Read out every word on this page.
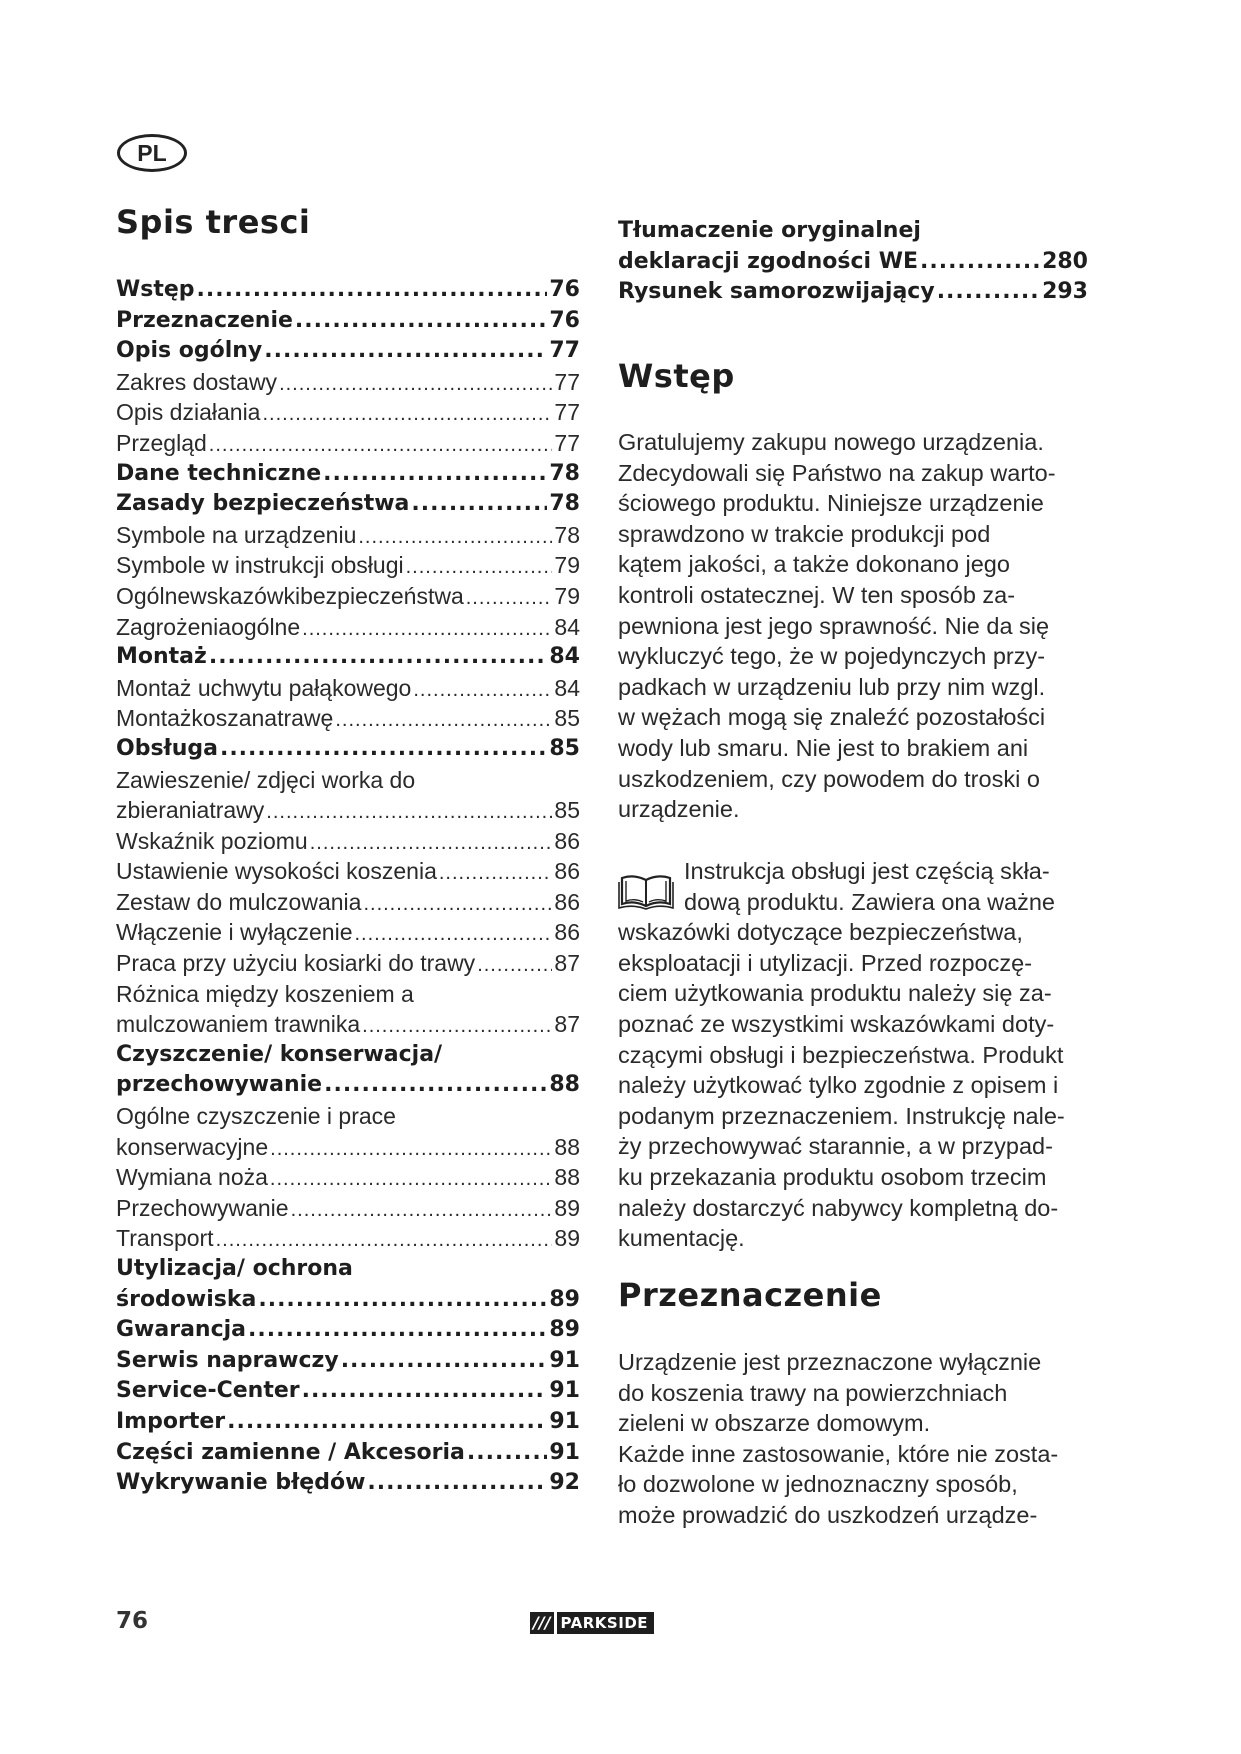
PL
Spis tresci
Wstęp .....	76
Przeznaczenie .....	76
Opis ogólny .....	77
Zakres dostawy .....	77
Opis działania .....	77
Przegląd .....	77
Dane techniczne .....	78
Zasady bezpieczeństwa .....	78
Symbole na urządzeniu .....	78
Symbole w instrukcji obsługi .....	79
Ogólnewskazówkibezpieczeństwa .....	79
Zagrożeniaogólne .....	84
Montaż .....	84
Montaż uchwytu pałąkowego .....	84
Montażkoszanatrawę .....	85
Obsługa .....	85
Zawieszenie/ zdjęci worka do
zbieraniatrawy .....	85
Wskaźnik poziomu .....	86
Ustawienie wysokości koszenia .....	86
Zestaw do mulczowania .....	86
Włączenie i wyłączenie .....	86
Praca przy użyciu kosiarki do trawy .....	87
Różnica między koszeniem a
mulczowaniem trawnika .....	87
Czyszczenie/ konserwacja/
przechowywanie .....	88
Ogólne czyszczenie i prace
konserwacyjne .....	88
Wymiana noża .....	88
Przechowywanie .....	89
Transport .....	89
Utylizacja/ ochrona
środowiska .....	89
Gwarancja .....	89
Serwis naprawczy .....	91
Service-Center .....	91
Importer .....	91
Części zamienne / Akcesoria .....	91
Wykrywanie błędów .....	92
Tłumaczenie oryginalnej
deklaracji zgodności WE .....	280
Rysunek samorozwijający .....	293
Wstęp
Gratulujemy zakupu nowego urządzenia.
Zdecydowali się Państwo na zakup warto-
ściowego produktu. Niniejsze urządzenie
sprawdzono w trakcie produkcji pod
kątem jakości, a także dokonano jego
kontroli ostatecznej. W ten sposób za-
pewniona jest jego sprawność. Nie da się
wykluczyć tego, że w pojedynczych przy-
padkach w urządzeniu lub przy nim wzgl.
w wężach mogą się znaleźć pozostałości
wody lub smaru. Nie jest to brakiem ani
uszkodzeniem, czy powodem do troski o
urządzenie.
Instrukcja obsługi jest częścią skła-
dową produktu. Zawiera ona ważne
wskazówki dotyczące bezpieczeństwa,
eksploatacji i utylizacji. Przed rozpoczę-
ciem użytkowania produktu należy się za-
poznać ze wszystkimi wskazówkami doty-
czącymi obsługi i bezpieczeństwa. Produkt
należy użytkować tylko zgodnie z opisem i
podanym przeznaczeniem. Instrukcję nale-
ży przechowywać starannie, a w przypad-
ku przekazania produktu osobom trzecim
należy dostarczyć nabywcy kompletną do-
kumentację.
Przeznaczenie
Urządzenie jest przeznaczone wyłącznie
do koszenia trawy na powierzchniach
zieleni w obszarze domowym.
Każde inne zastosowanie, które nie zosta-
ło dozwolone w jednoznaczny sposób,
może prowadzić do uszkodzeń urządze-
76	/// PARKSIDE
